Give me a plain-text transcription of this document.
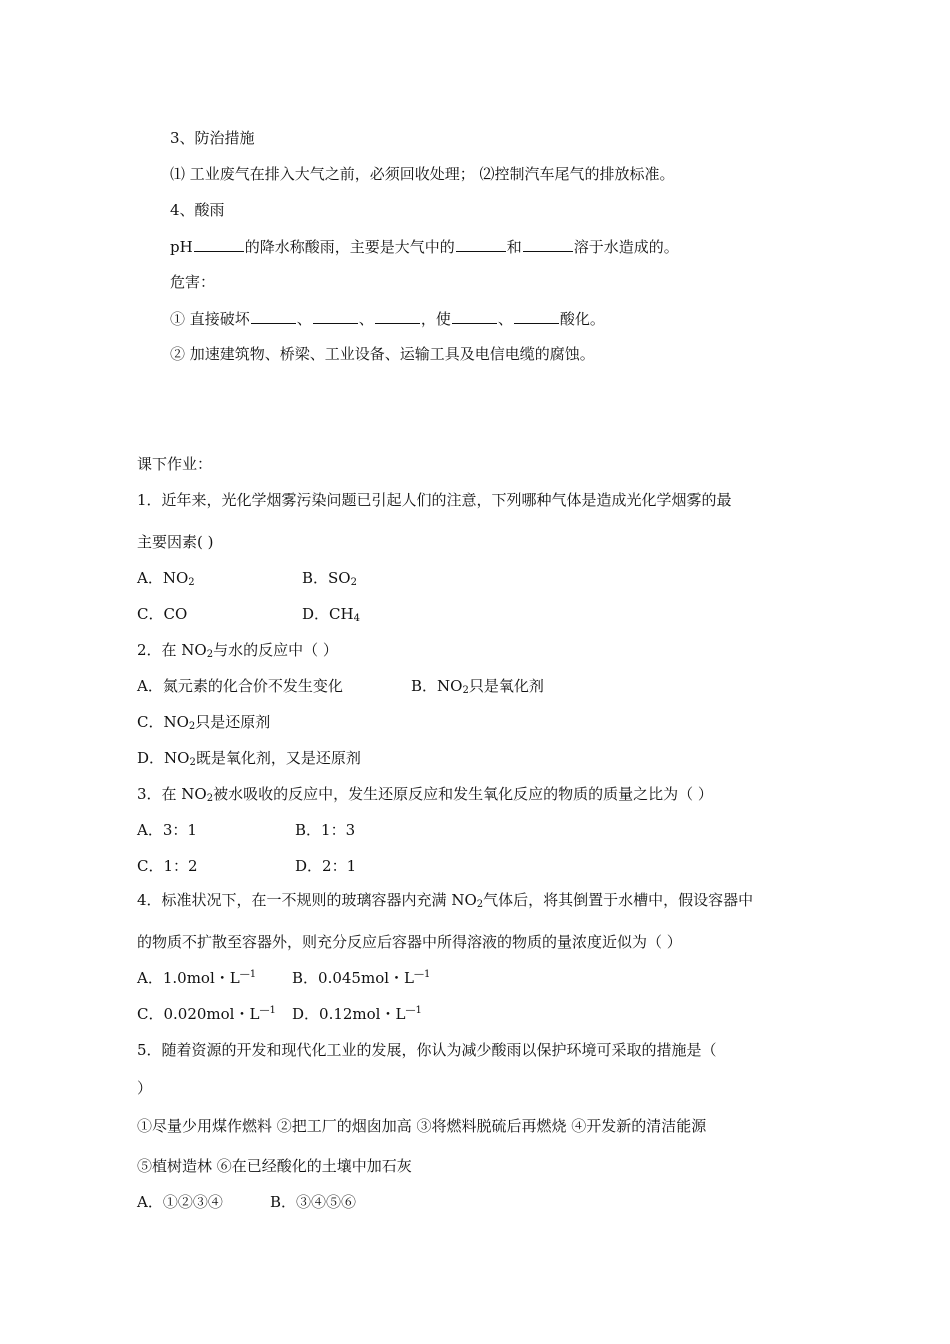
3、防治措施
⑴ 工业废气在排入大气之前，必须回收处理； ⑵控制汽车尾气的排放标准。
4、酸雨
pH	的降水称酸雨，主要是大气中的	和	溶于水造成的。
危害：
① 直接破坏	、	、	，使	、	酸化。
② 加速建筑物、桥梁、工业设备、运输工具及电信电缆的腐蚀。
课下作业：
1．近年来，光化学烟雾污染问题已引起人们的注意，下列哪种气体是造成光化学烟雾的最
主要因素( )
A．$NO_2$	B．$SO_2$
C．CO	D．$CH_4$
2．在 $NO_2$与水的反应中（ ）
A．氮元素的化合价不发生变化	B．$NO_2$只是氧化剂
C．$NO_2$只是还原剂
D．$NO_2$既是氧化剂，又是还原剂
3．在 $NO_2$被水吸收的反应中，发生还原反应和发生氧化反应的物质的质量之比为（ ）
A．3：1	B．1：3
C．1：2	D．2：1
4．标准状况下，在一不规则的玻璃容器内充满 $NO_2$气体后，将其倒置于水槽中，假设容器中
的物质不扩散至容器外，则充分反应后容器中所得溶液的物质的量浓度近似为（ ）
A．1.0mol・$L^{—1}$ B．0.045mol・$L^{—1}$
C．0.020mol・$L^{—1}$ D．0.12mol・$L^{—1}$
5．随着资源的开发和现代化工业的发展，你认为减少酸雨以保护环境可采取的措施是（
）
①尽量少用煤作燃料 ②把工厂的烟囱加高 ③将燃料脱硫后再燃烧 ④开发新的清洁能源
⑤植树造林 ⑥在已经酸化的土壤中加石灰
A．①②③④	B．③④⑤⑥
